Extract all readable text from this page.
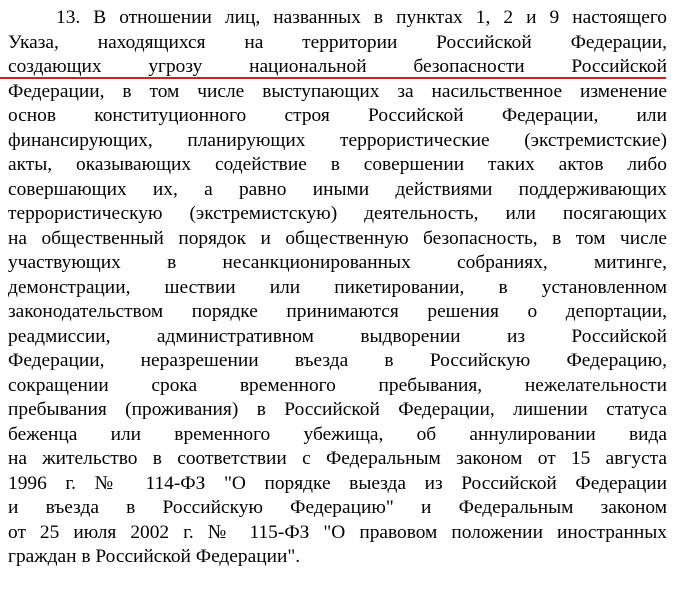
13. В отношении лиц, названных в пунктах 1, 2 и 9 настоящего
Указа, находящихся на территории Российской Федерации,
создающих угрозу национальной безопасности Российской
Федерации, в том числе выступающих за насильственное изменение
основ конституционного строя Российской Федерации, или
финансирующих, планирующих террористические (экстремистские)
акты, оказывающих содействие в совершении таких актов либо
совершающих их, а равно иными действиями поддерживающих
террористическую (экстремистскую) деятельность, или посягающих
на общественный порядок и общественную безопасность, в том числе
участвующих в несанкционированных собраниях, митинге,
демонстрации, шествии или пикетировании, в установленном
законодательством порядке принимаются решения о депортации,
реадмиссии, административном выдворении из Российской
Федерации, неразрешении въезда в Российскую Федерацию,
сокращении срока временного пребывания, нежелательности
пребывания (проживания) в Российской Федерации, лишении статуса
беженца или временного убежища, об аннулировании вида
на жительство в соответствии с Федеральным законом от 15 августа
1996 г. № 114-ФЗ "О порядке выезда из Российской Федерации
и въезда в Российскую Федерацию" и Федеральным законом
от 25 июля 2002 г. № 115-ФЗ "О правовом положении иностранных
граждан в Российской Федерации".
